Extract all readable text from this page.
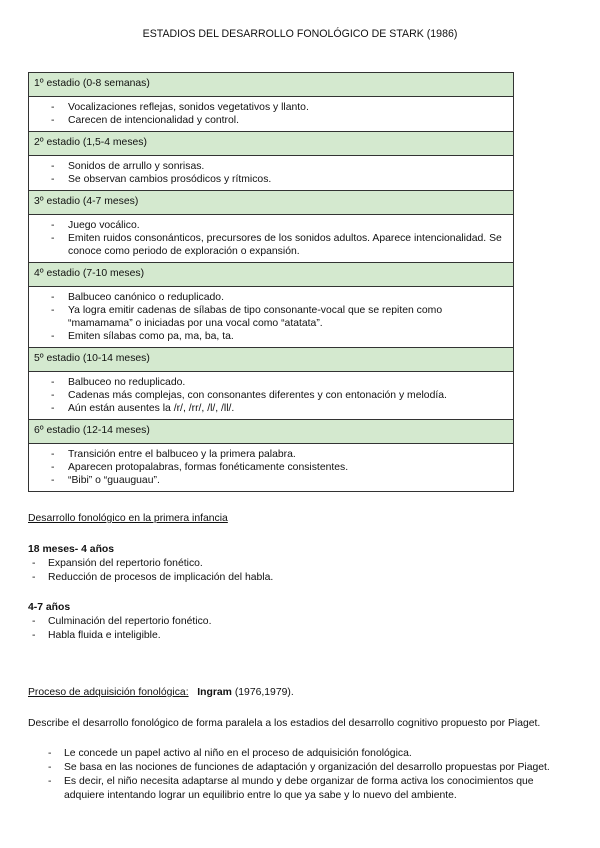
ESTADIOS DEL DESARROLLO FONOLÓGICO DE STARK (1986)
1º estadio (0-8 semanas)
- Vocalizaciones reflejas, sonidos vegetativos y llanto.
- Carecen de intencionalidad y control.
2º estadio (1,5-4 meses)
- Sonidos de arrullo y sonrisas.
- Se observan cambios prosódicos y rítmicos.
3º estadio (4-7 meses)
- Juego vocálico.
- Emiten ruidos consonánticos, precursores de los sonidos adultos. Aparece intencionalidad. Se conoce como periodo de exploración o expansión.
4º estadio (7-10 meses)
- Balbuceo canónico o reduplicado.
- Ya logra emitir cadenas de sílabas de tipo consonante-vocal que se repiten como “mamamama” o iniciadas por una vocal como “atatata”.
- Emiten sílabas como pa, ma, ba, ta.
5º estadio (10-14 meses)
- Balbuceo no reduplicado.
- Cadenas más complejas, con consonantes diferentes y con entonación y melodía.
- Aún están ausentes la /r/, /rr/, /l/, /ll/.
6º estadio (12-14 meses)
- Transición entre el balbuceo y la primera palabra.
- Aparecen protopalabras, formas fonéticamente consistentes.
- “Bibi” o “guauguau”.
Desarrollo fonológico en la primera infancia
18 meses- 4 años
- Expansión del repertorio fonético.
- Reducción de procesos de implicación del habla.
4-7 años
- Culminación del repertorio fonético.
- Habla fluida e inteligible.
Proceso de adquisición fonológica: Ingram (1976,1979).
Describe el desarrollo fonológico de forma paralela a los estadios del desarrollo cognitivo propuesto por Piaget.
- Le concede un papel activo al niño en el proceso de adquisición fonológica.
- Se basa en las nociones de funciones de adaptación y organización del desarrollo propuestas por Piaget.
- Es decir, el niño necesita adaptarse al mundo y debe organizar de forma activa los conocimientos que adquiere intentando lograr un equilibrio entre lo que ya sabe y lo nuevo del ambiente.
